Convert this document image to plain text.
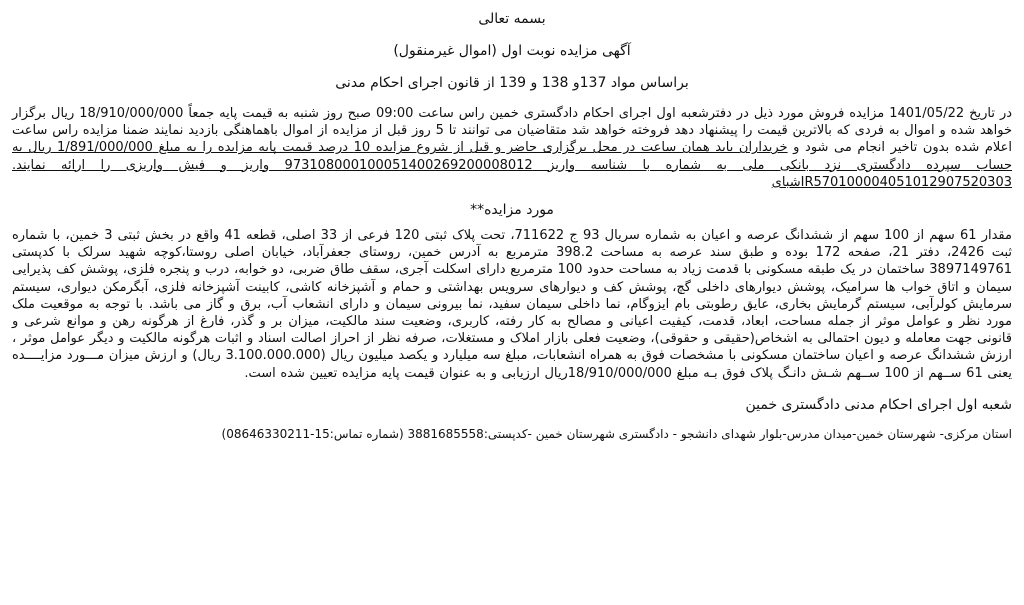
بسمه تعالی
آگهی مزایده نوبت اول (اموال غیرمنقول)
براساس مواد 137و 138 و 139 از قانون اجرای احکام مدنی
در تاریخ 1401/05/22 مزایده فروش مورد ذیل در دفترشعبه اول اجرای احکام دادگستری خمین راس ساعت 09:00 صبح روز شنبه به قیمت پایه جمعاً 18/910/000/000 ریال برگزار خواهد شده و اموال به فردی که بالاترین قیمت را پیشنهاد دهد فروخته خواهد شد متقاضیان می توانند تا 5 روز قبل از مزایده از اموال باهماهنگی بازدید نمایند ضمنا مزایده راس ساعت اعلام شده بدون تاخیر انجام می شود و خریداران باید همان ساعت در محل برگزاری حاضر و قبل از شروع مزایده 10 درصد قیمت پایه مزایده را به مبلغ 1/891/000/000 ریال به حساب سپرده دادگستری نزد بانکی ملی به شماره با شناسه واریز 973108000100051400269200008012 واریز و فیش واریزی را ارائه نمایند. IR570100004051012907520303شبای
مورد مزایده**
مقدار 61 سهم از 100 سهم از ششدانگ عرصه و اعیان به شماره سریال 93 ج 711622، تحت پلاک ثبتی 120 فرعی از 33 اصلی، قطعه 41 واقع در بخش ثبتی 3 خمین، با شماره ثبت 2426، دفتر 21، صفحه 172 بوده و طبق سند عرصه به مساحت 398.2 مترمربع به آدرس خمین، روستای جعفرآباد، خیابان اصلی روستا،کوچه شهید سرلک با کدپستی 3897149761 ساختمان در یک طبقه مسکونی با قدمت زیاد به مساحت حدود 100 مترمربع دارای اسکلت آجری، سقف طاق ضربی، دو خوابه، درب و پنجره فلزی، پوشش کف پذیرایی سیمان و اتاق خواب ها سرامیک، پوشش دیوارهای داخلی گچ، پوشش کف و دیوارهای سرویس بهداشتی و حمام و آشپزخانه کاشی، کابینت آشپزخانه فلزی، آبگرمکن دیواری، سیستم سرمایش کولرآبی، سیستم گرمایش بخاری، عایق رطوبتی بام ایزوگام، نما داخلی سیمان سفید، نما بیرونی سیمان و دارای انشعاب آب، برق و گاز می باشد. با توجه به موقعیت ملک مورد نظر و عوامل موثر از جمله مساحت، ابعاد، قدمت، کیفیت اعیانی و مصالح به کار رفته، کاربری، وضعیت سند مالکیت، میزان بر و گذر، فارغ از هرگونه رهن و موانع شرعی و قانونی جهت معامله و دیون احتمالی به اشخاص(حقیقی و حقوقی)، وضعیت فعلی بازار املاک و مستغلات، صرفه نظر از احراز اصالت اسناد و اثبات هرگونه مالکیت و دیگر عوامل موثر ، ارزش ششدانگ عرصه و اعیان ساختمان مسکونی با مشخصات فوق به همراه انشعابات، مبلغ سه میلیارد و یکصد میلیون ریال (3.100.000.000 ریال) و ارزش میزان مـــورد مزایــــده یعنی 61 ســهم از 100 ســهم شـش دانـگ پلاک فوق بـه مبلغ 18/910/000/000ریال ارزیابی و به عنوان قیمت پایه مزایده تعیین شده است.
شعبه اول اجرای احکام مدنی دادگستری خمین
استان مرکزی- شهرستان خمین-میدان مدرس-بلوار شهدای دانشجو - دادگستری شهرستان خمین -کدپستی:3881685558 (شماره تماس:15-08646330211)
